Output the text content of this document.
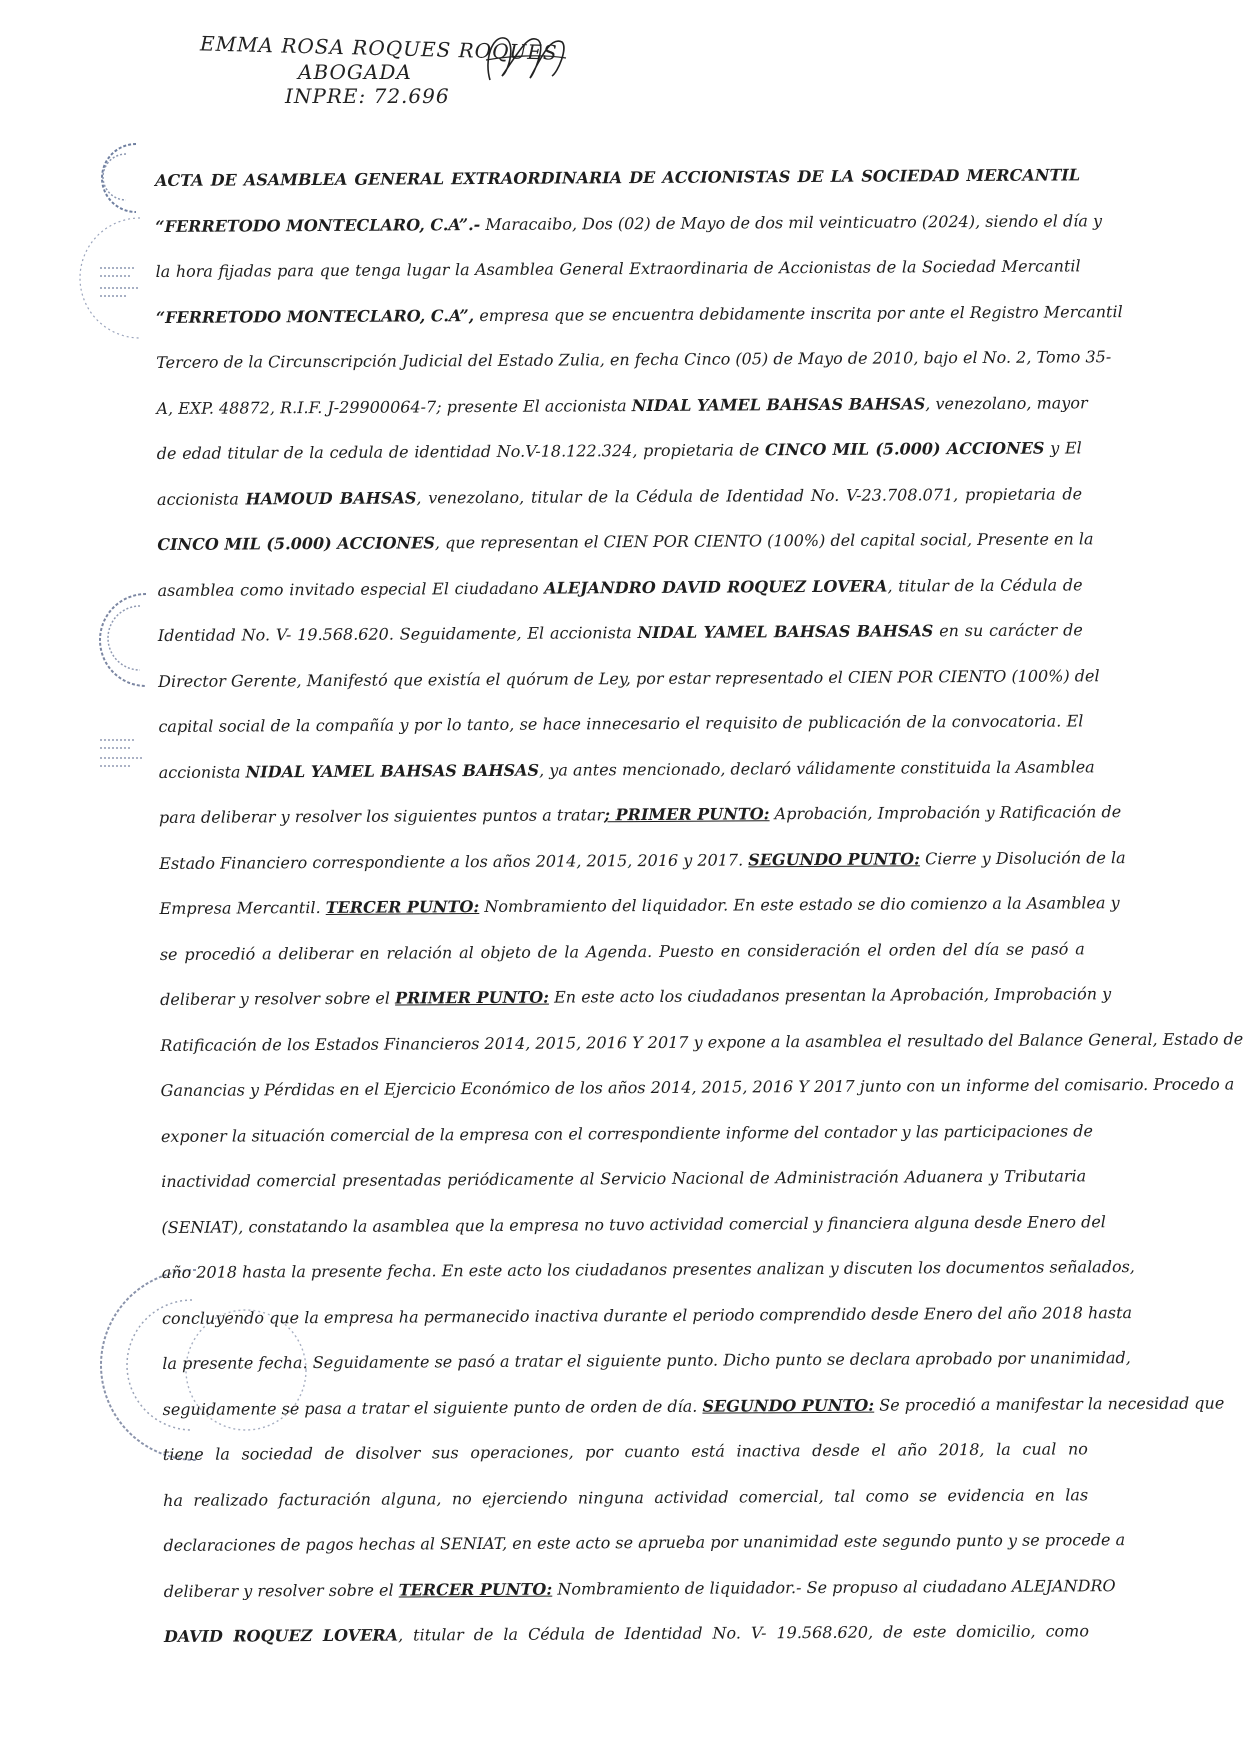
EMMA ROSA ROQUES ROQUES
ABOGADA
INPRE: 72.696
ACTA DE ASAMBLEA GENERAL EXTRAORDINARIA DE ACCIONISTAS DE LA SOCIEDAD MERCANTIL
“FERRETODO MONTECLARO, C.A”.- Maracaibo, Dos (02) de Mayo de dos mil veinticuatro (2024), siendo el día y
la hora fijadas para que tenga lugar la Asamblea General Extraordinaria de Accionistas de la Sociedad Mercantil
“FERRETODO MONTECLARO, C.A”, empresa que se encuentra debidamente inscrita por ante el Registro Mercantil
Tercero de la Circunscripción Judicial del Estado Zulia, en fecha Cinco (05) de Mayo de 2010, bajo el No. 2, Tomo 35-
A, EXP. 48872, R.I.F. J-29900064-7; presente El accionista NIDAL YAMEL BAHSAS BAHSAS, venezolano, mayor
de edad titular de la cedula de identidad No.V-18.122.324, propietaria de CINCO MIL (5.000) ACCIONES y El
accionista HAMOUD BAHSAS, venezolano, titular de la Cédula de Identidad No. V-23.708.071, propietaria de
CINCO MIL (5.000) ACCIONES, que representan el CIEN POR CIENTO (100%) del capital social, Presente en la
asamblea como invitado especial El ciudadano ALEJANDRO DAVID ROQUEZ LOVERA, titular de la Cédula de
Identidad No. V- 19.568.620. Seguidamente, El accionista NIDAL YAMEL BAHSAS BAHSAS en su carácter de
Director Gerente, Manifestó que existía el quórum de Ley, por estar representado el CIEN POR CIENTO (100%) del
capital social de la compañía y por lo tanto, se hace innecesario el requisito de publicación de la convocatoria. El
accionista NIDAL YAMEL BAHSAS BAHSAS, ya antes mencionado, declaró válidamente constituida la Asamblea
para deliberar y resolver los siguientes puntos a tratar; PRIMER PUNTO: Aprobación, Improbación y Ratificación de
Estado Financiero correspondiente a los años 2014, 2015, 2016 y 2017. SEGUNDO PUNTO: Cierre y Disolución de la
Empresa Mercantil. TERCER PUNTO: Nombramiento del liquidador. En este estado se dio comienzo a la Asamblea y
se procedió a deliberar en relación al objeto de la Agenda. Puesto en consideración el orden del día se pasó a
deliberar y resolver sobre el PRIMER PUNTO: En este acto los ciudadanos presentan la Aprobación, Improbación y
Ratificación de los Estados Financieros 2014, 2015, 2016 Y 2017 y expone a la asamblea el resultado del Balance General, Estado de
Ganancias y Pérdidas en el Ejercicio Económico de los años 2014, 2015, 2016 Y 2017 junto con un informe del comisario. Procedo a
exponer la situación comercial de la empresa con el correspondiente informe del contador y las participaciones de
inactividad comercial presentadas periódicamente al Servicio Nacional de Administración Aduanera y Tributaria
(SENIAT), constatando la asamblea que la empresa no tuvo actividad comercial y financiera alguna desde Enero del
año 2018 hasta la presente fecha. En este acto los ciudadanos presentes analizan y discuten los documentos señalados,
concluyendo que la empresa ha permanecido inactiva durante el periodo comprendido desde Enero del año 2018 hasta
la presente fecha. Seguidamente se pasó a tratar el siguiente punto. Dicho punto se declara aprobado por unanimidad,
seguidamente se pasa a tratar el siguiente punto de orden de día. SEGUNDO PUNTO: Se procedió a manifestar la necesidad que
tiene la sociedad de disolver sus operaciones, por cuanto está inactiva desde el año 2018, la cual no
ha realizado facturación alguna, no ejerciendo ninguna actividad comercial, tal como se evidencia en las
declaraciones de pagos hechas al SENIAT, en este acto se aprueba por unanimidad este segundo punto y se procede a
deliberar y resolver sobre el TERCER PUNTO: Nombramiento de liquidador.- Se propuso al ciudadano ALEJANDRO
DAVID ROQUEZ LOVERA, titular de la Cédula de Identidad No. V- 19.568.620, de este domicilio, como
